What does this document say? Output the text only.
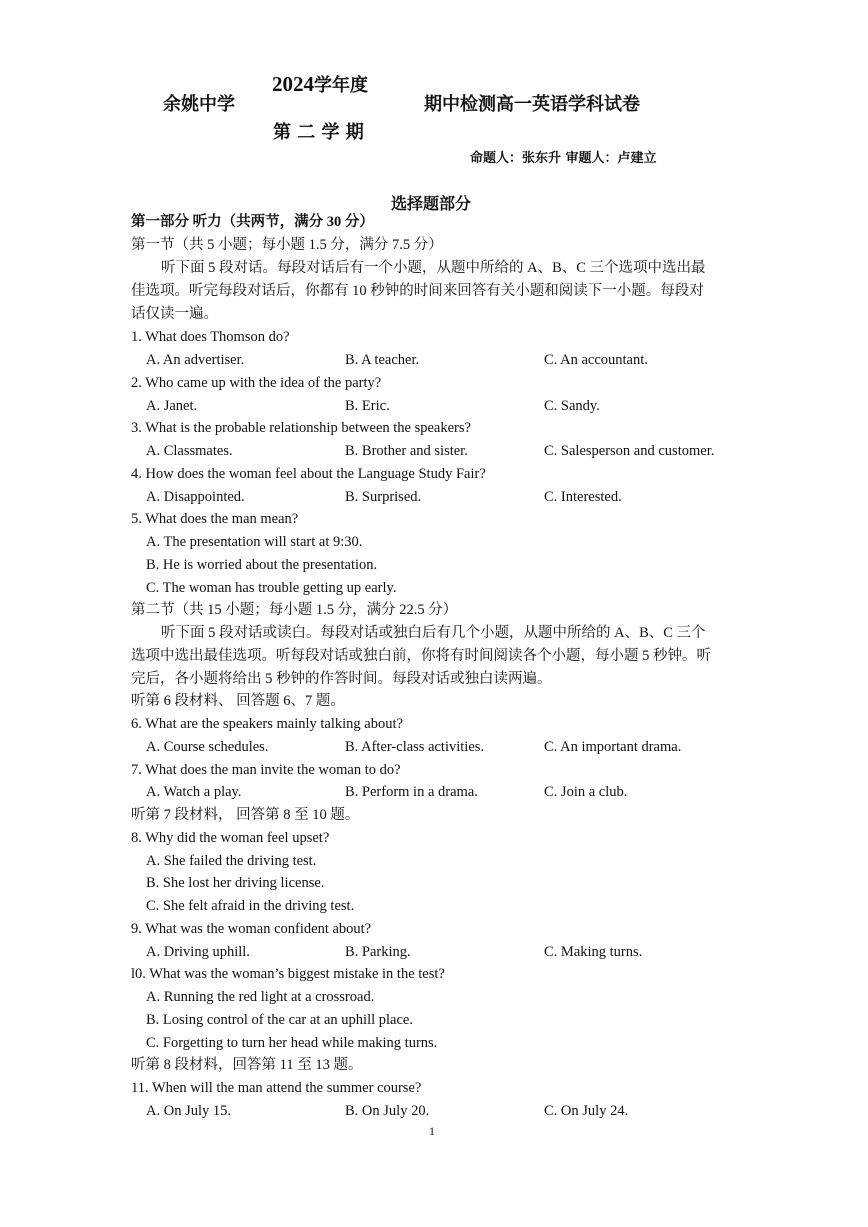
余姚中学
2024学年度
第 二 学 期
期中检测高一英语学科试卷
命题人：张东升 审题人：卢建立
选择题部分
第一部分 听力（共两节，满分 30 分）
第一节（共 5 小题；每小题 1.5 分，满分 7.5 分）
听下面 5 段对话。每段对话后有一个小题，从题中所给的 A、B、C 三个选项中选出最
佳选项。听完每段对话后，你都有 10 秒钟的时间来回答有关小题和阅读下一小题。每段对
话仅读一遍。
1. What does Thomson do?
A. An advertiser.	B. A teacher.	C. An accountant.
2. Who came up with the idea of the party?
A. Janet.	B. Eric.	C. Sandy.
3. What is the probable relationship between the speakers?
A. Classmates.	B. Brother and sister.	C. Salesperson and customer.
4. How does the woman feel about the Language Study Fair?
A. Disappointed.	B. Surprised.	C. Interested.
5. What does the man mean?
A. The presentation will start at 9:30.
B. He is worried about the presentation.
C. The woman has trouble getting up early.
第二节（共 15 小题；每小题 1.5 分，满分 22.5 分）
听下面 5 段对话或读白。每段对话或独白后有几个小题，从题中所给的 A、B、C 三个
选项中选出最佳选项。听每段对话或独白前，你将有时间阅读各个小题，每小题 5 秒钟。听
完后，各小题将给出 5 秒钟的作答时间。每段对话或独白读两遍。
听第 6 段材料、 回答题 6、7 题。
6. What are the speakers mainly talking about?
A. Course schedules.	B. After-class activities.	C. An important drama.
7. What does the man invite the woman to do?
A. Watch a play.	B. Perform in a drama.	C. Join a club.
听第 7 段材料， 回答第 8 至 10 题。
8. Why did the woman feel upset?
A. She failed the driving test.
B. She lost her driving license.
C. She felt afraid in the driving test.
9. What was the woman confident about?
A. Driving uphill.	B. Parking.	C. Making turns.
l0. What was the woman’s biggest mistake in the test?
A. Running the red light at a crossroad.
B. Losing control of the car at an uphill place.
C. Forgetting to turn her head while making turns.
听第 8 段材料，回答第 11 至 13 题。
11. When will the man attend the summer course?
A. On July 15.	B. On July 20.	C. On July 24.
1
